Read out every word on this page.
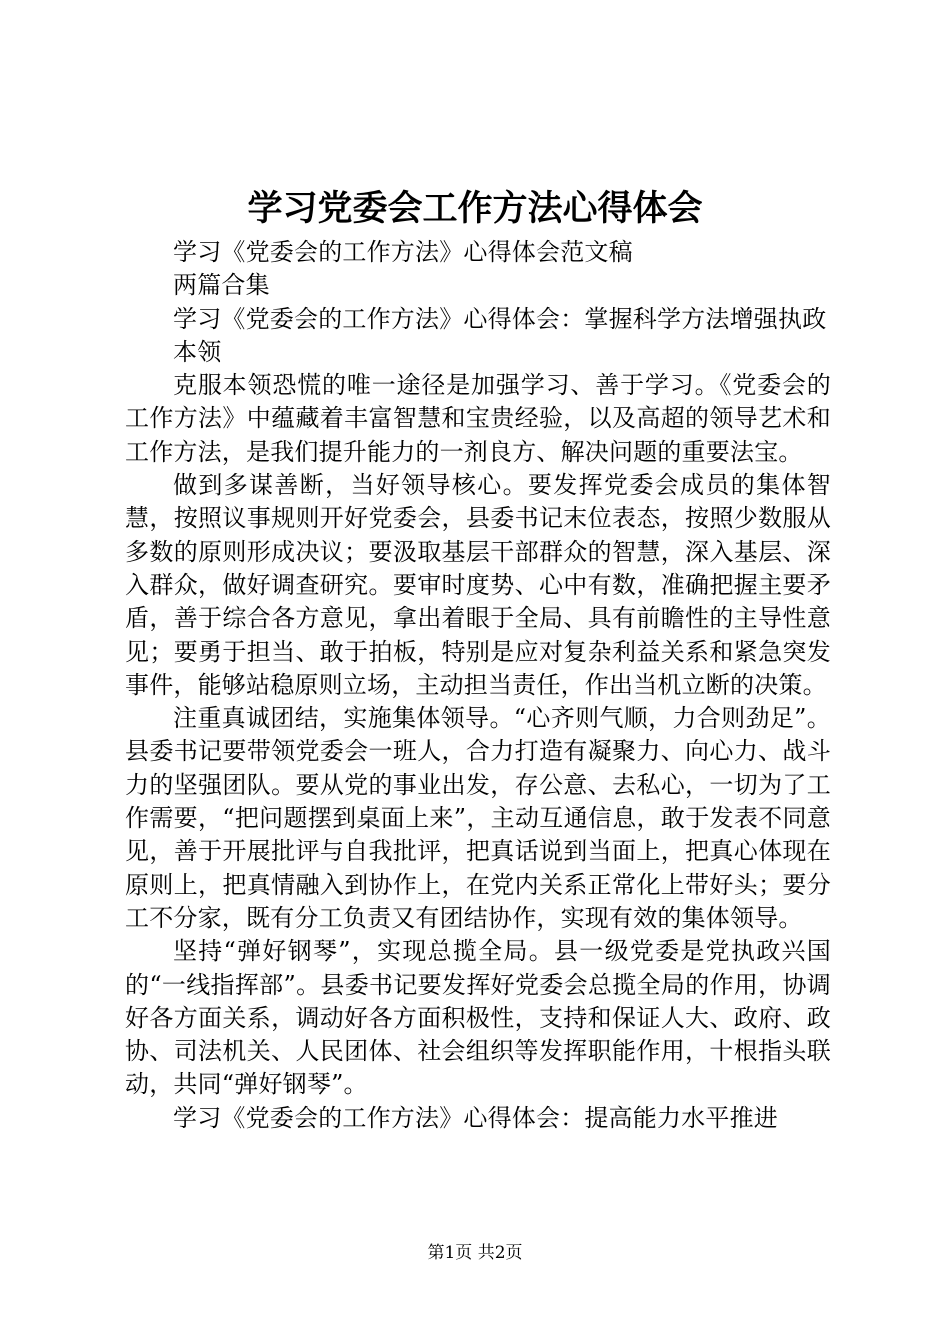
学习党委会工作方法心得体会

学习《党委会的工作方法》心得体会范文稿

两篇合集

学习《党委会的工作方法》心得体会：掌握科学方法增强执政

本领

克服本领恐慌的唯一途径是加强学习、善于学习。《党委会的工作方法》中蕴藏着丰富智慧和宝贵经验，以及高超的领导艺术和工作方法，是我们提升能力的一剂良方、解决问题的重要法宝。

做到多谋善断，当好领导核心。要发挥党委会成员的集体智慧，按照议事规则开好党委会，县委书记末位表态，按照少数服从多数的原则形成决议；要汲取基层干部群众的智慧，深入基层、深入群众，做好调查研究。要审时度势、心中有数，准确把握主要矛盾，善于综合各方意见，拿出着眼于全局、具有前瞻性的主导性意见；要勇于担当、敢于拍板，特别是应对复杂利益关系和紧急突发事件，能够站稳原则立场，主动担当责任，作出当机立断的决策。

注重真诚团结，实施集体领导。“心齐则气顺，力合则劲足”。县委书记要带领党委会一班人，合力打造有凝聚力、向心力、战斗力的坚强团队。要从党的事业出发，存公意、去私心，一切为了工作需要，“把问题摆到桌面上来”，主动互通信息，敢于发表不同意见，善于开展批评与自我批评，把真话说到当面上，把真心体现在原则上，把真情融入到协作上，在党内关系正常化上带好头；要分工不分家，既有分工负责又有团结协作，实现有效的集体领导。

坚持“弹好钢琴”，实现总揽全局。县一级党委是党执政兴国的“一线指挥部”。县委书记要发挥好党委会总揽全局的作用，协调好各方面关系，调动好各方面积极性，支持和保证人大、政府、政协、司法机关、人民团体、社会组织等发挥职能作用，十根指头联动，共同“弹好钢琴”。

学习《党委会的工作方法》心得体会：提高能力水平推进

第1页 共2页
